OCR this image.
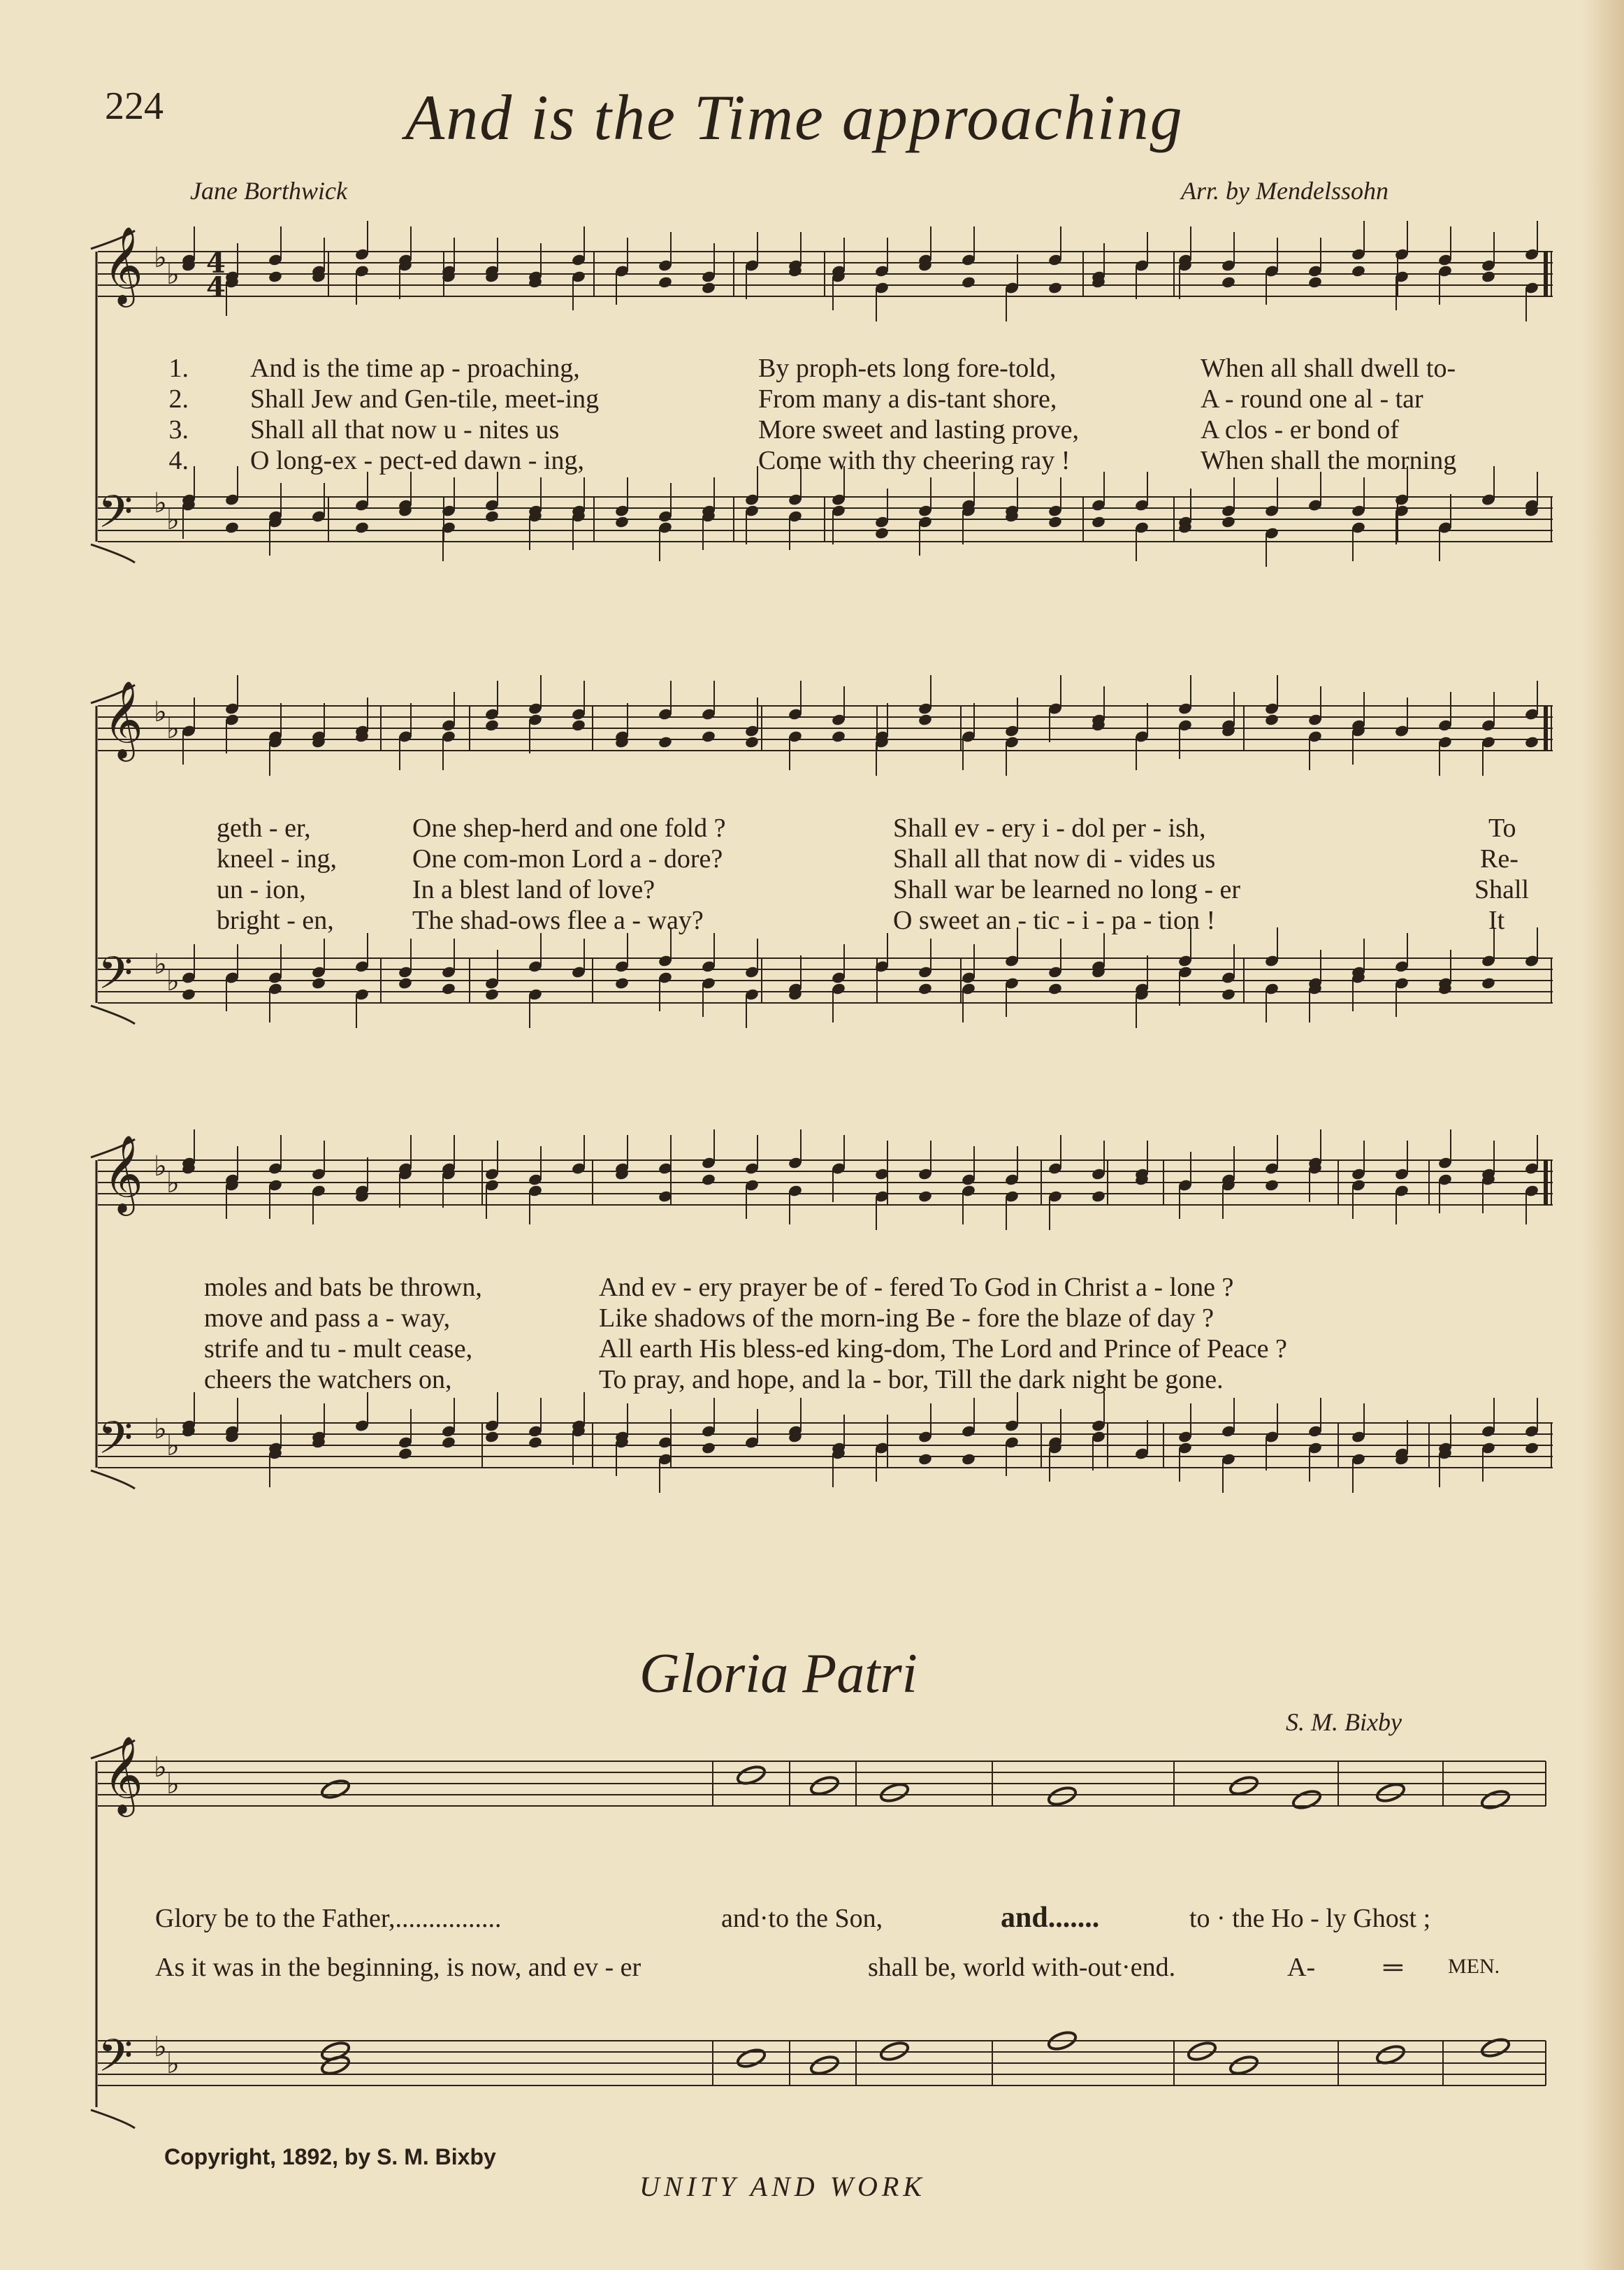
224	And is the Time approaching
Jane Borthwick	Arr. by Mendelssohn
𝄞
𝄢
♭
♭
♭
♭
𝄞
𝄢
♭
♭
♭
♭
𝄞
𝄢
♭
♭
♭
♭
4
4
𝄞
𝄢
♭
♭
♭
♭
1. And is the time ap - proaching,	By proph-ets long fore-told,	When all shall dwell to-
2. Shall Jew and Gen-tile, meet-ing	From many a dis-tant shore,	A - round one al - tar
3. Shall all that now u - nites us	More sweet and lasting prove,	A clos - er bond of
4. O long-ex - pect-ed dawn - ing,	Come with thy cheering ray !	When shall the morning
geth - er,	One shep-herd and one fold ?	Shall ev - ery i - dol per - ish,	To
kneel - ing,	One com-mon Lord a - dore?	Shall all that now di - vides us	Re-
un - ion,	In a blest land of love?	Shall war be learned no long - er	Shall
bright - en,	The shad-ows flee a - way?	O sweet an - tic - i - pa - tion !	It
moles and bats be thrown,	And ev - ery prayer be of - fered To God in Christ a - lone ?
move and pass a - way,	Like shadows of the morn-ing Be - fore the blaze of day ?
strife and tu - mult cease,	All earth His bless-ed king-dom, The Lord and Prince of Peace ?
cheers the watchers on,	To pray, and hope, and la - bor, Till the dark night be gone.
Gloria Patri
S. M. Bixby
Glory be to the Father,................	and·to the Son,	and.......	to · the Ho - ly Ghost ;
As it was in the beginning, is now, and ev - er	shall be, world with-out·end.	A-	═ MEN.
Copyright, 1892, by S. M. Bixby
UNITY AND WORK
